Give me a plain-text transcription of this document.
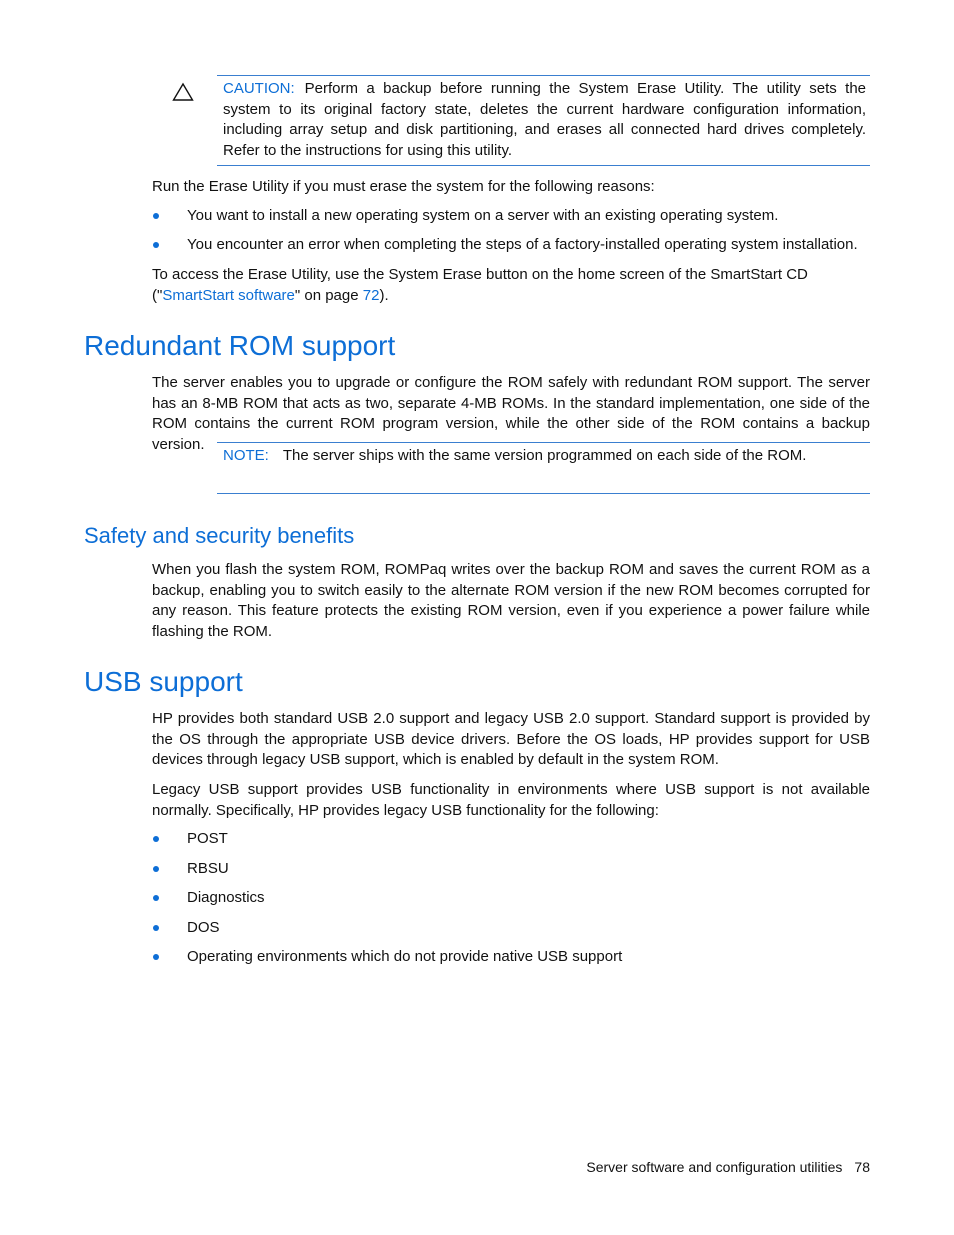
CAUTION: Perform a backup before running the System Erase Utility. The utility sets the system to its original factory state, deletes the current hardware configuration information, including array setup and disk partitioning, and erases all connected hard drives completely. Refer to the instructions for using this utility.

Run the Erase Utility if you must erase the system for the following reasons:

You want to install a new operating system on a server with an existing operating system.
You encounter an error when completing the steps of a factory-installed operating system installation.

To access the Erase Utility, use the System Erase button on the home screen of the SmartStart CD ("SmartStart software" on page 72).

Redundant ROM support

The server enables you to upgrade or configure the ROM safely with redundant ROM support. The server has an 8-MB ROM that acts as two, separate 4-MB ROMs. In the standard implementation, one side of the ROM contains the current ROM program version, while the other side of the ROM contains a backup version.

NOTE: The server ships with the same version programmed on each side of the ROM.

Safety and security benefits

When you flash the system ROM, ROMPaq writes over the backup ROM and saves the current ROM as a backup, enabling you to switch easily to the alternate ROM version if the new ROM becomes corrupted for any reason. This feature protects the existing ROM version, even if you experience a power failure while flashing the ROM.

USB support

HP provides both standard USB 2.0 support and legacy USB 2.0 support. Standard support is provided by the OS through the appropriate USB device drivers. Before the OS loads, HP provides support for USB devices through legacy USB support, which is enabled by default in the system ROM.

Legacy USB support provides USB functionality in environments where USB support is not available normally. Specifically, HP provides legacy USB functionality for the following:

POST
RBSU
Diagnostics
DOS
Operating environments which do not provide native USB support
Server software and configuration utilities 78
